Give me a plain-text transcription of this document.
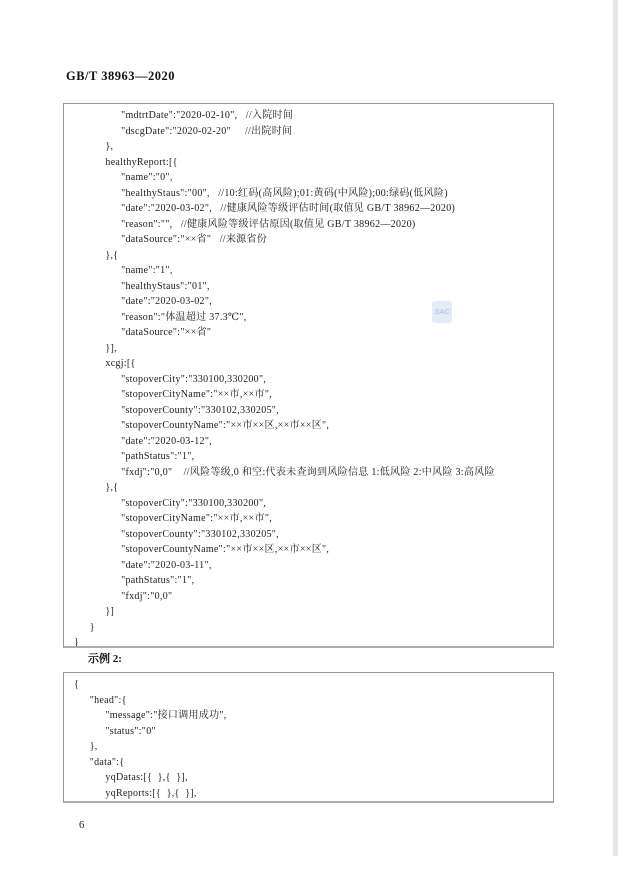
GB/T 38963—2020
"mdtrtDate":"2020-02-10",   //入院时间
"dscgDate":"2020-02-20"     //出院时间
},
healthyReport:[{
"name":"0",
"healthyStaus":"00",   //10:红码(高风险);01:黄码(中风险);00:绿码(低风险)
"date":"2020-03-02",   //健康风险等级评估时间(取值见 GB/T 38962—2020)
"reason":"",   //健康风险等级评估原因(取值见 GB/T 38962—2020)
"dataSource":"××省"   //来源省份
},{
"name":"1",
"healthyStaus":"01",
"date":"2020-03-02",
"reason":"体温超过 37.3℃",
"dataSource":"××省"
}],
xcgj:[{
"stopoverCity":"330100,330200",
"stopoverCityName":"××市,××市",
"stopoverCounty":"330102,330205",
"stopoverCountyName":"××市××区,××市××区",
"date":"2020-03-12",
"pathStatus":"1",
"fxdj":"0,0"    //风险等级,0 和空:代表未查询到风险信息 1:低风险 2:中风险 3:高风险
},{
"stopoverCity":"330100,330200",
"stopoverCityName":"××市,××市",
"stopoverCounty":"330102,330205",
"stopoverCountyName":"××市××区,××市××区",
"date":"2020-03-11",
"pathStatus":"1",
"fxdj":"0,0"
}]
}
}
SAC
示例 2:
{
"head":{
"message":"接口调用成功",
"status":"0"
},
"data":{
yqDatas:[{  },{  }],
yqReports:[{  },{  }],
6
